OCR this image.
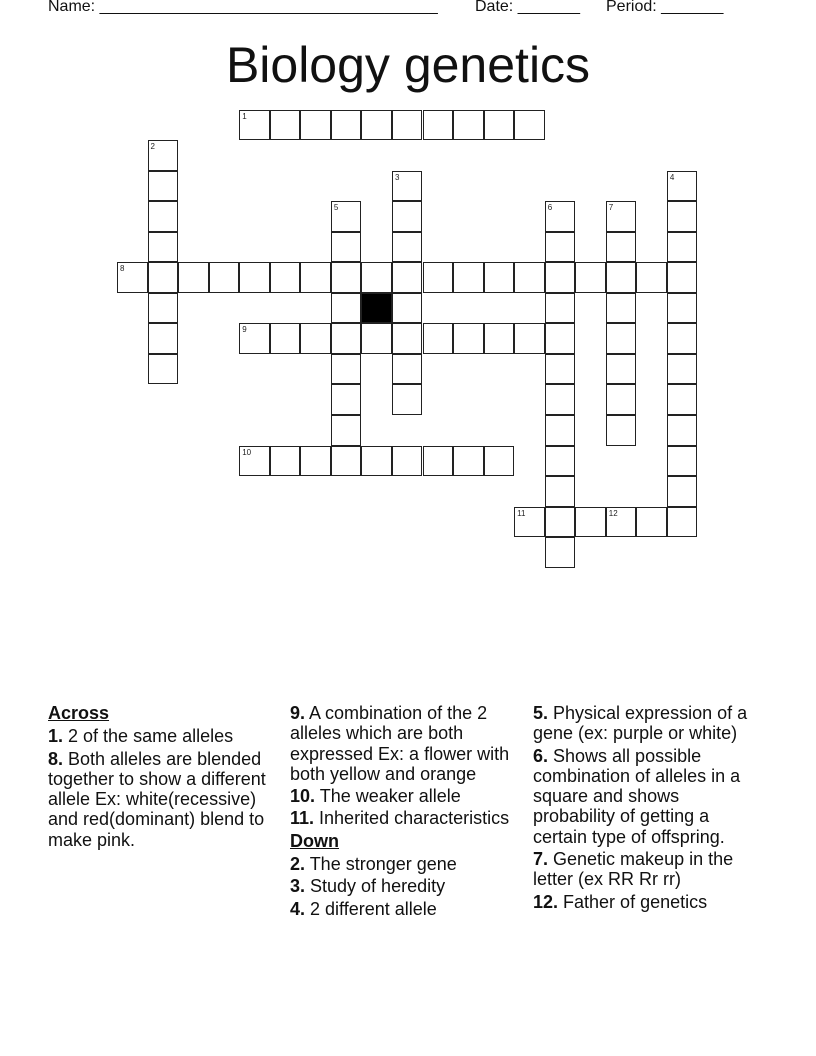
Name: ______________________________________ Date: _______ Period: _______
Biology genetics
1
2
3	4
5	6	7
8
9
10
11	12
Across
1. 2 of the same alleles
8. Both alleles are blended together to show a different allele Ex: white(recessive) and red(dominant) blend to make pink.
9. A combination of the 2 alleles which are both expressed Ex: a flower with both yellow and orange
10. The weaker allele
11. Inherited characteristics
Down
2. The stronger gene
3. Study of heredity
4. 2 different allele
5. Physical expression of a gene (ex: purple or white)
6. Shows all possible combination of alleles in a square and shows probability of getting a certain type of offspring.
7. Genetic makeup in the letter (ex RR Rr rr)
12. Father of genetics
